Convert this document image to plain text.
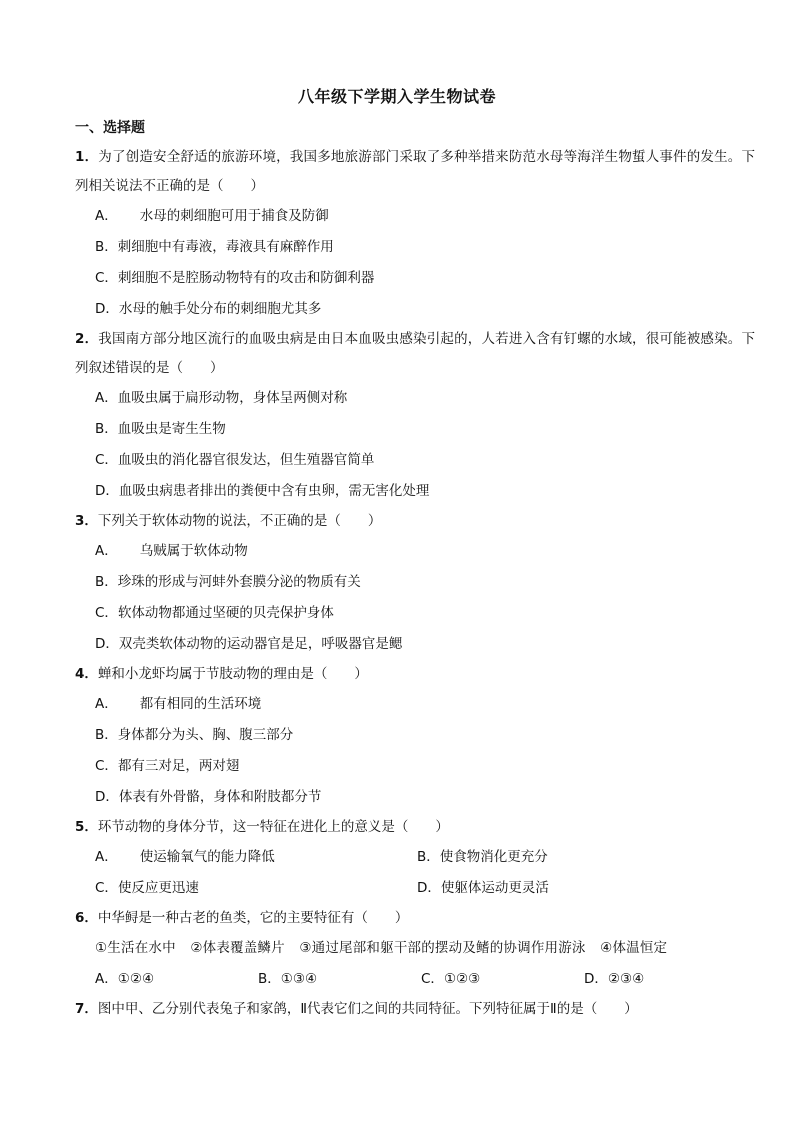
八年级下学期入学生物试卷
一、选择题

1．为了创造安全舒适的旅游环境，我国多地旅游部门采取了多种举措来防范水母等海洋生物蜇人事件的发生。下列相关说法不正确的是（　　）

A． 水母的刺细胞可用于捕食及防御
B．刺细胞中有毒液，毒液具有麻醉作用
C．刺细胞不是腔肠动物特有的攻击和防御利器
D．水母的触手处分布的刺细胞尤其多

2．我国南方部分地区流行的血吸虫病是由日本血吸虫感染引起的，人若进入含有钉螺的水域，很可能被感染。下列叙述错误的是（　　）

A．血吸虫属于扁形动物，身体呈两侧对称
B．血吸虫是寄生生物
C．血吸虫的消化器官很发达，但生殖器官简单
D．血吸虫病患者排出的粪便中含有虫卵，需无害化处理

3．下列关于软体动物的说法，不正确的是（　　）

A． 乌贼属于软体动物
B．珍珠的形成与河蚌外套膜分泌的物质有关
C．软体动物都通过坚硬的贝壳保护身体
D．双壳类软体动物的运动器官是足，呼吸器官是鳃

4．蝉和小龙虾均属于节肢动物的理由是（　　）

A． 都有相同的生活环境
B．身体都分为头、胸、腹三部分
C．都有三对足，两对翅
D．体表有外骨骼，身体和附肢都分节

5．环节动物的身体分节，这一特征在进化上的意义是（　　）

A． 使运输氧气的能力降低	B．使食物消化更充分
C．使反应更迅速	D．使躯体运动更灵活

6．中华鲟是一种古老的鱼类，它的主要特征有（　　）

①生活在水中 ②体表覆盖鳞片 ③通过尾部和躯干部的摆动及鳍的协调作用游泳 ④体温恒定
A．①②④	B．①③④	C．①②③	D．②③④

7．图中甲、乙分别代表兔子和家鸽，Ⅱ代表它们之间的共同特征。下列特征属于Ⅱ的是（　　）
